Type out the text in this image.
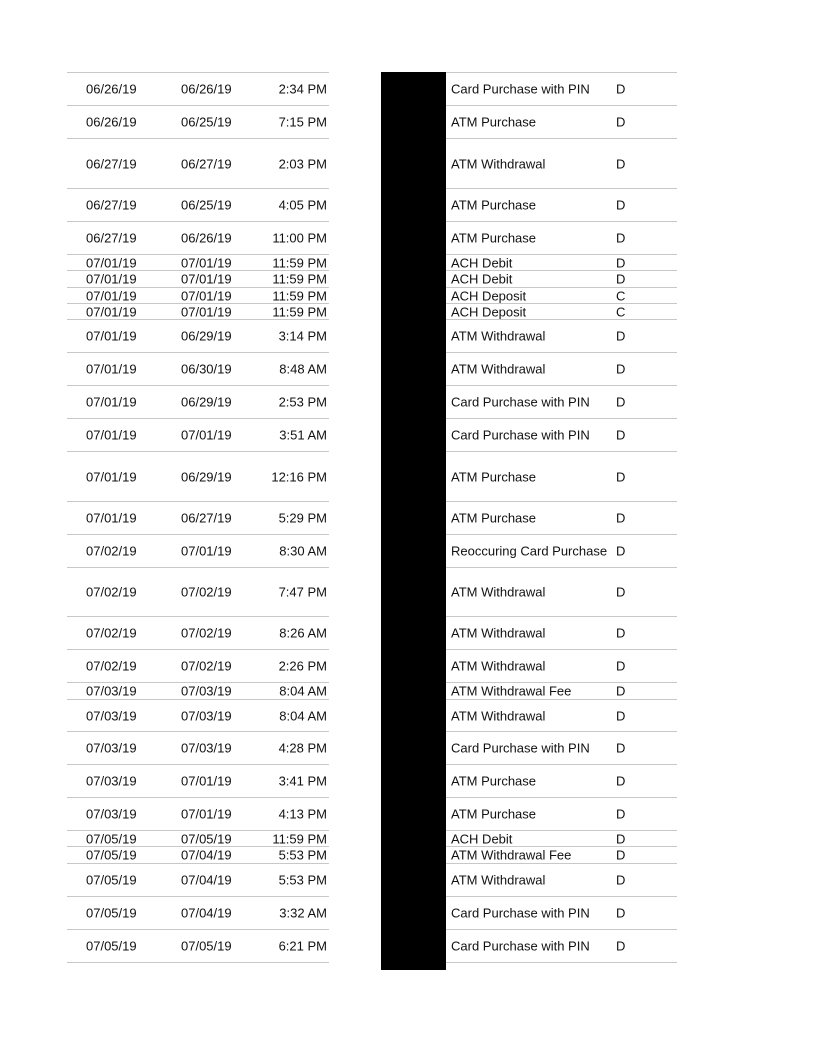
06/26/19	06/26/19	2:34 PM	Card Purchase with PIN D
06/26/19	06/25/19	7:15 PM	ATM Purchase	D
06/27/19	06/27/19	2:03 PM	ATM Withdrawal	D
06/27/19	06/25/19	4:05 PM	ATM Purchase	D
06/27/19	06/26/19	11:00 PM	ATM Purchase	D
07/01/19	07/01/19	11:59 PM	ACH Debit	D
07/01/19	07/01/19	11:59 PM	ACH Debit	D
07/01/19	07/01/19	11:59 PM	ACH Deposit	C
07/01/19	07/01/19	11:59 PM	ACH Deposit	C
07/01/19	06/29/19	3:14 PM	ATM Withdrawal	D
07/01/19	06/30/19	8:48 AM	ATM Withdrawal	D
07/01/19	06/29/19	2:53 PM	Card Purchase with PIN D
07/01/19	07/01/19	3:51 AM	Card Purchase with PIN D
07/01/19	06/29/19	12:16 PM	ATM Purchase	D
07/01/19	06/27/19	5:29 PM	ATM Purchase	D
07/02/19	07/01/19	8:30 AM	Reoccuring Card Purchase D
07/02/19	07/02/19	7:47 PM	ATM Withdrawal	D
07/02/19	07/02/19	8:26 AM	ATM Withdrawal	D
07/02/19	07/02/19	2:26 PM	ATM Withdrawal	D
07/03/19	07/03/19	8:04 AM	ATM Withdrawal Fee	D
07/03/19	07/03/19	8:04 AM	ATM Withdrawal	D
07/03/19	07/03/19	4:28 PM	Card Purchase with PIN D
07/03/19	07/01/19	3:41 PM	ATM Purchase	D
07/03/19	07/01/19	4:13 PM	ATM Purchase	D
07/05/19	07/05/19	11:59 PM	ACH Debit	D
07/05/19	07/04/19	5:53 PM	ATM Withdrawal Fee	D
07/05/19	07/04/19	5:53 PM	ATM Withdrawal	D
07/05/19	07/04/19	3:32 AM	Card Purchase with PIN D
07/05/19	07/05/19	6:21 PM	Card Purchase with PIN D
